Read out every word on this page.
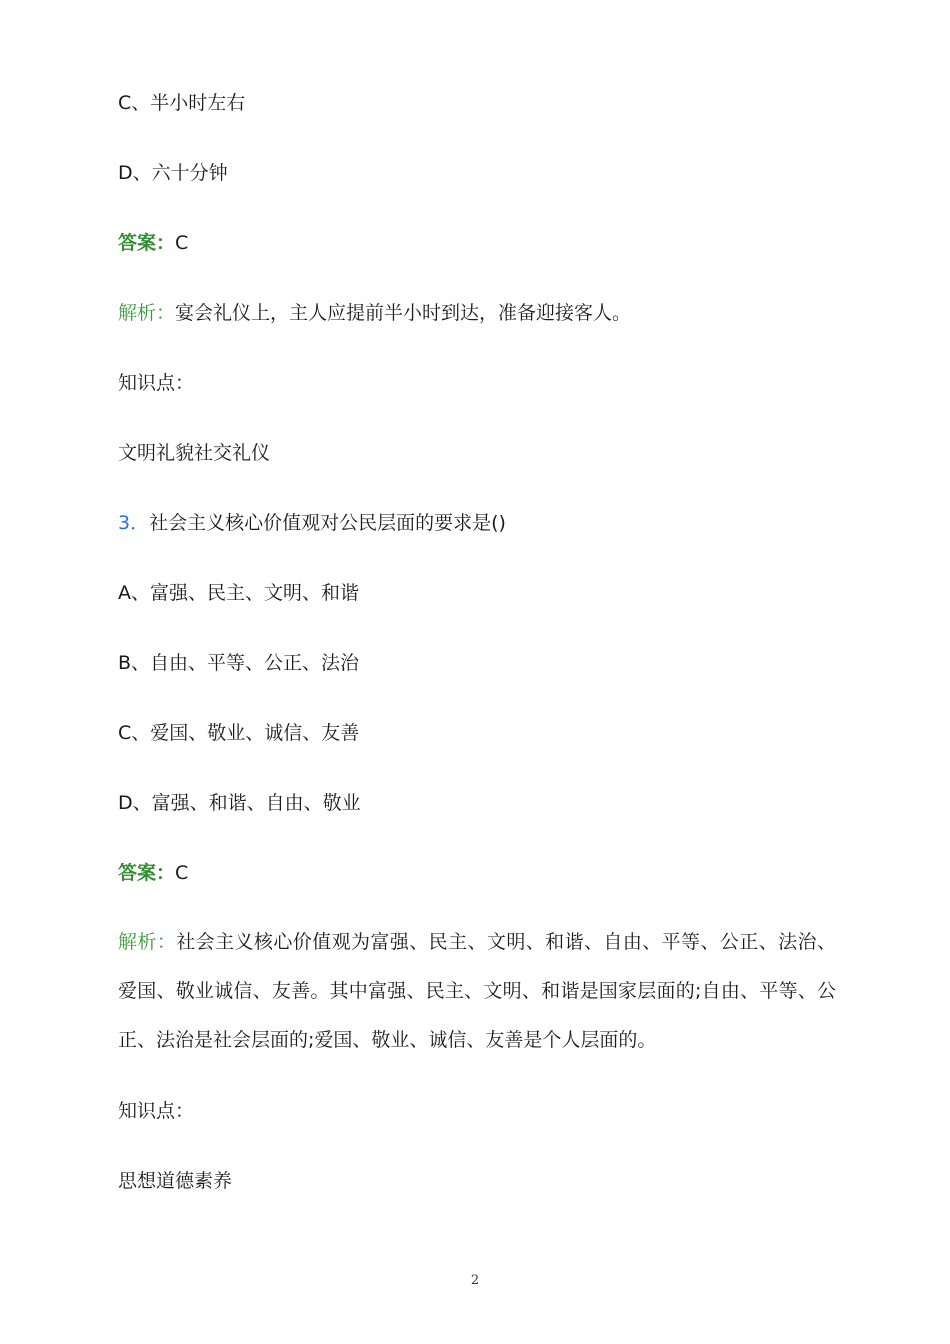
C、半小时左右
D、六十分钟
答案：C
解析：宴会礼仪上，主人应提前半小时到达，准备迎接客人。
知识点：
文明礼貌社交礼仪
3．社会主义核心价值观对公民层面的要求是()
A、富强、民主、文明、和谐
B、自由、平等、公正、法治
C、爱国、敬业、诚信、友善
D、富强、和谐、自由、敬业
答案：C
解析：社会主义核心价值观为富强、民主、文明、和谐、自由、平等、公正、法治、爱国、敬业诚信、友善。其中富强、民主、文明、和谐是国家层面的;自由、平等、公正、法治是社会层面的;爱国、敬业、诚信、友善是个人层面的。
知识点：
思想道德素养
2
